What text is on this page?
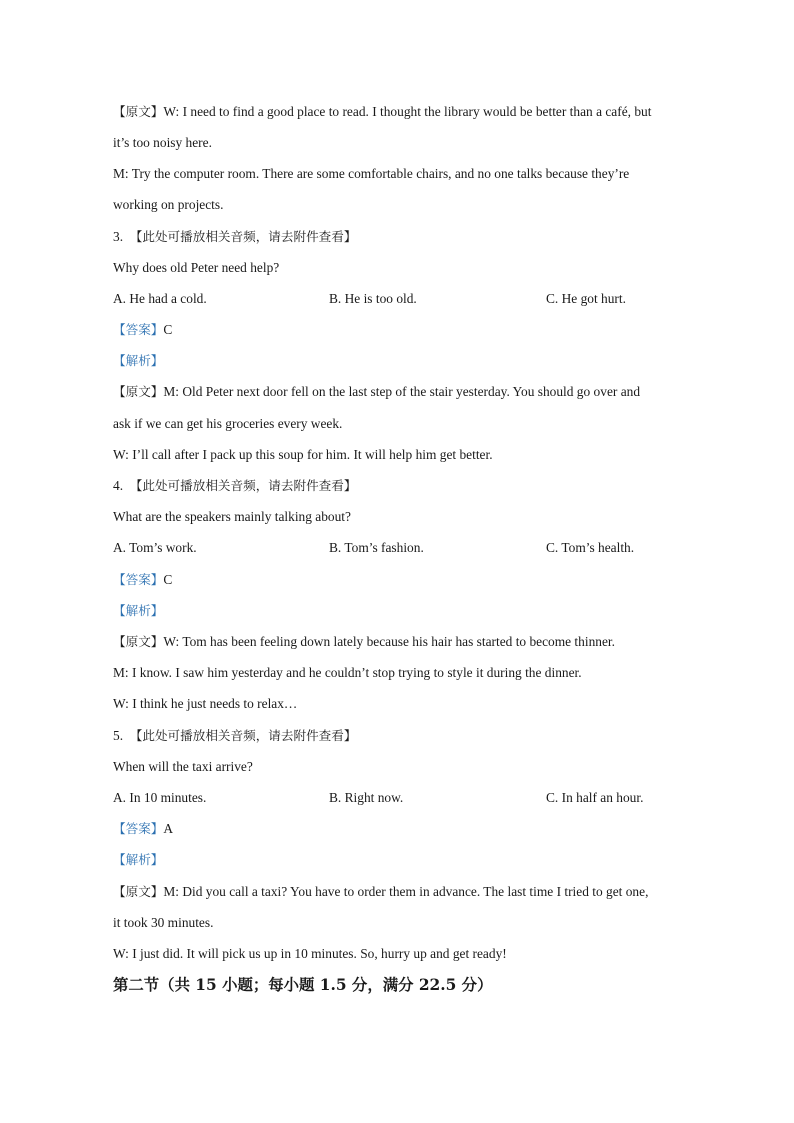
【原文】W: I need to find a good place to read. I thought the library would be better than a café, but
it’s too noisy here.
M: Try the computer room. There are some comfortable chairs, and no one talks because they’re
working on projects.
3. 【此处可播放相关音频，请去附件查看】
Why does old Peter need help?
A. He had a cold.	B. He is too old.	C. He got hurt.
【答案】C
【解析】
【原文】M: Old Peter next door fell on the last step of the stair yesterday. You should go over and
ask if we can get his groceries every week.
W: I’ll call after I pack up this soup for him. It will help him get better.
4. 【此处可播放相关音频，请去附件查看】
What are the speakers mainly talking about?
A. Tom’s work.	B. Tom’s fashion.	C. Tom’s health.
【答案】C
【解析】
【原文】W: Tom has been feeling down lately because his hair has started to become thinner.
M: I know. I saw him yesterday and he couldn’t stop trying to style it during the dinner.
W: I think he just needs to relax…
5. 【此处可播放相关音频，请去附件查看】
When will the taxi arrive?
A. In 10 minutes.	B. Right now.	C. In half an hour.
【答案】A
【解析】
【原文】M: Did you call a taxi? You have to order them in advance. The last time I tried to get one,
it took 30 minutes.
W: I just did. It will pick us up in 10 minutes. So, hurry up and get ready!
第二节（共 15 小题；每小题 1.5 分，满分 22.5 分）
